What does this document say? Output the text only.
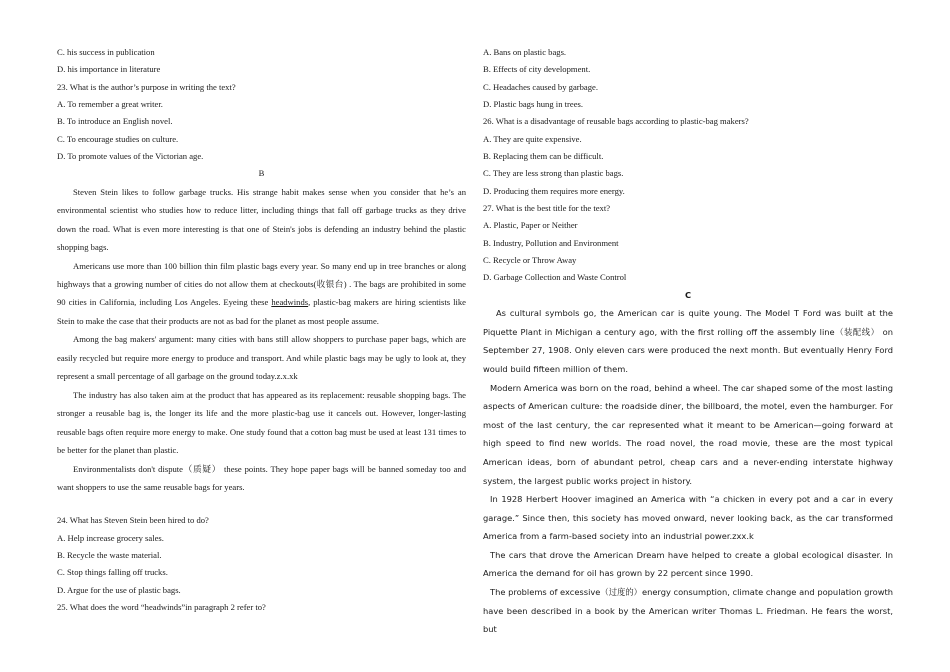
C. his success in publication
D. his importance in literature
23. What is the author’s purpose in writing the text?
A. To remember a great writer.
B. To introduce an English novel.
C. To encourage studies on culture.
D. To promote values of the Victorian age.
B

Steven Stein likes to follow garbage trucks. His strange habit makes sense when you consider that he’s an environmental scientist who studies how to reduce litter, including things that fall off garbage trucks as they drive down the road. What is even more interesting is that one of Stein's jobs is defending an industry behind the plastic shopping bags.

Americans use more than 100 billion thin film plastic bags every year. So many end up in tree branches or along highways that a growing number of cities do not allow them at checkouts(收银台) . The bags are prohibited in some 90 cities in California, including Los Angeles. Eyeing these headwinds, plastic-bag makers are hiring scientists like Stein to make the case that their products are not as bad for the planet as most people assume.

Among the bag makers' argument: many cities with bans still allow shoppers to purchase paper bags, which are easily recycled but require more energy to produce and transport. And while plastic bags may be ugly to look at, they represent a small percentage of all garbage on the ground today.z.x.xk

The industry has also taken aim at the product that has appeared as its replacement: reusable shopping bags. The stronger a reusable bag is, the longer its life and the more plastic-bag use it cancels out. However, longer-lasting reusable bags often require more energy to make. One study found that a cotton bag must be used at least 131 times to be better for the planet than plastic.

Environmentalists don't dispute（质疑） these points. They hope paper bags will be banned someday too and want shoppers to use the same reusable bags for years.

24. What has Steven Stein been hired to do?
A. Help increase grocery sales.
B. Recycle the waste material.
C. Stop things falling off trucks.
D. Argue for the use of plastic bags.
25. What does the word “headwinds”in paragraph 2 refer to?
A. Bans on plastic bags.
B. Effects of city development.
C. Headaches caused by garbage.
D. Plastic bags hung in trees.
26. What is a disadvantage of reusable bags according to plastic-bag makers?
A. They are quite expensive.
B. Replacing them can be difficult.
C. They are less strong than plastic bags.
D. Producing them requires more energy.
27. What is the best title for the text?
A. Plastic, Paper or Neither
B. Industry, Pollution and Environment
C. Recycle or Throw Away
D. Garbage Collection and Waste Control
C

As cultural symbols go, the American car is quite young. The Model T Ford was built at the Piquette Plant in Michigan a century ago, with the first rolling off the assembly line（装配线） on September 27, 1908. Only eleven cars were produced the next month. But eventually Henry Ford would build fifteen million of them.

Modern America was born on the road, behind a wheel. The car shaped some of the most lasting aspects of American culture: the roadside diner, the billboard, the motel, even the hamburger. For most of the last century, the car represented what it meant to be American—going forward at high speed to find new worlds. The road novel, the road movie, these are the most typical American ideas, born of abundant petrol, cheap cars and a never-ending interstate highway system, the largest public works project in history.

In 1928 Herbert Hoover imagined an America with “a chicken in every pot and a car in every garage.” Since then, this society has moved onward, never looking back, as the car transformed America from a farm-based society into an industrial power.zxx.k

The cars that drove the American Dream have helped to create a global ecological disaster. In America the demand for oil has grown by 22 percent since 1990.

The problems of excessive（过度的）energy consumption, climate change and population growth have been described in a book by the American writer Thomas L. Friedman. He fears the worst, but
